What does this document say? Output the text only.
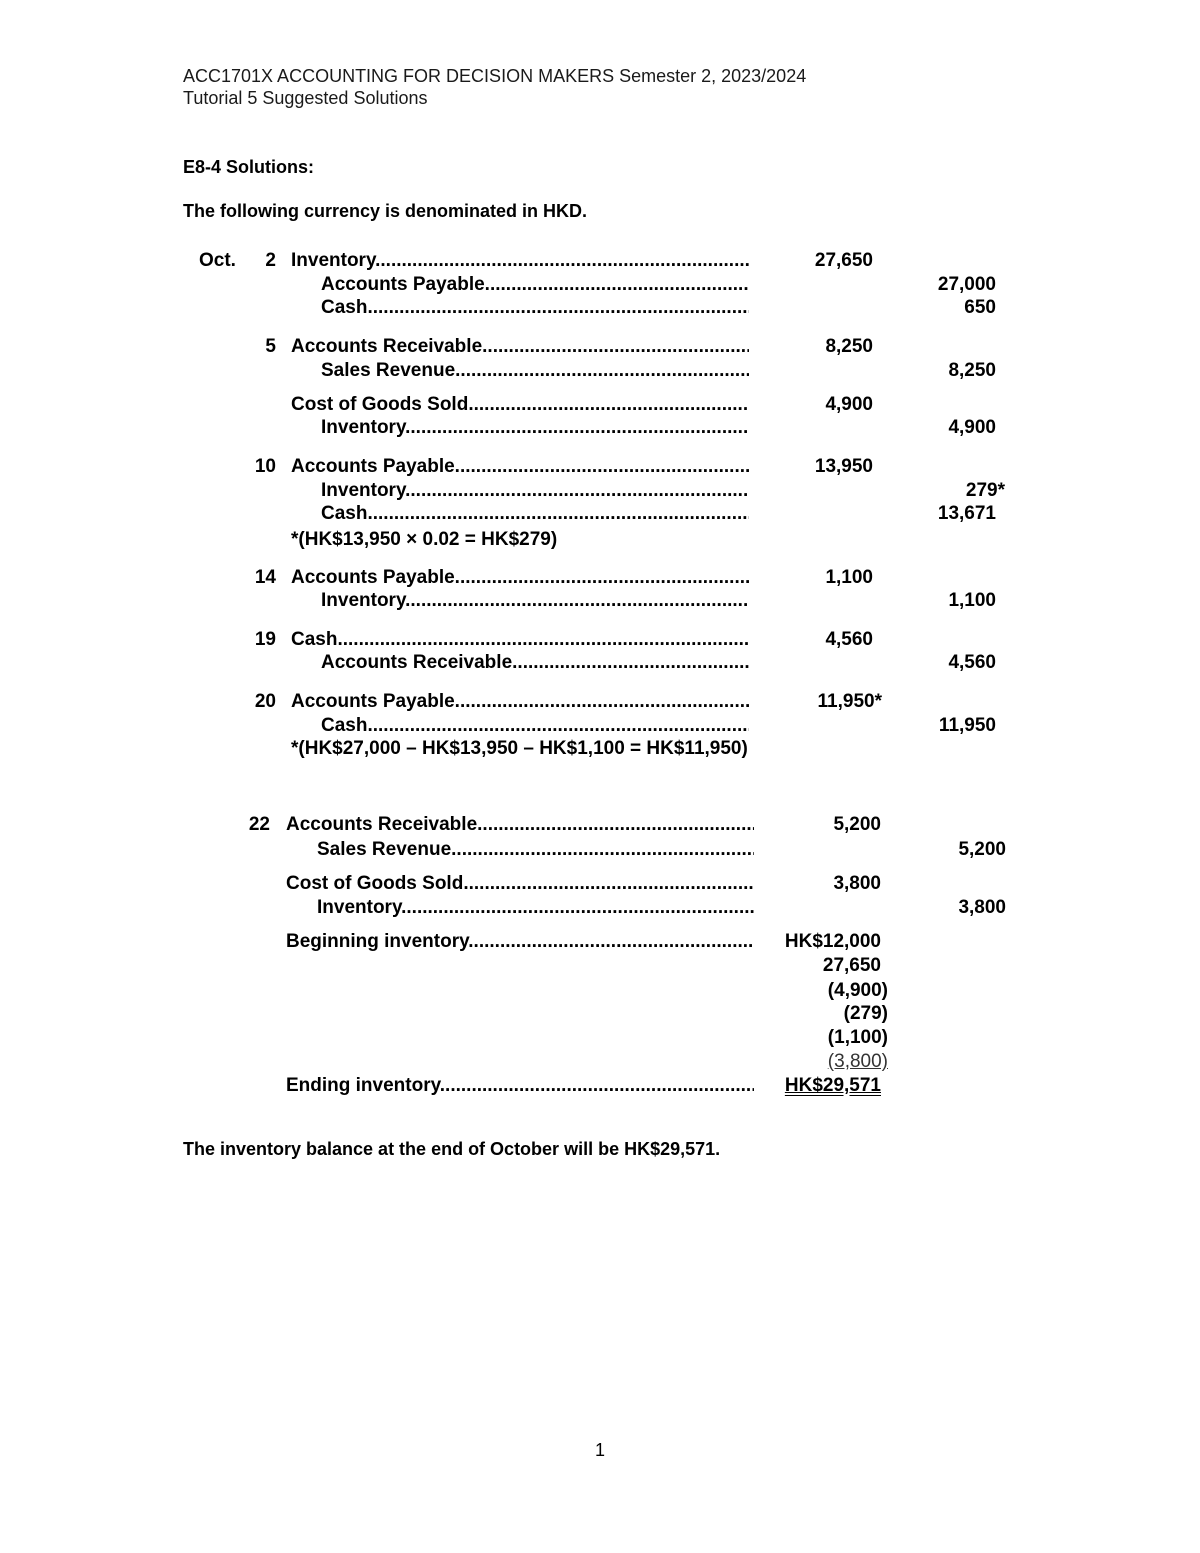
ACC1701X ACCOUNTING FOR DECISION MAKERS Semester 2, 2023/2024
Tutorial 5 Suggested Solutions
E8-4 Solutions:
The following currency is denominated in HKD.
Oct.	2 Inventory .....	27,650
Accounts Payable .....	27,000
Cash .....	650
5 Accounts Receivable .....	8,250
Sales Revenue .....	8,250
Cost of Goods Sold .....	4,900
Inventory .....	4,900
10 Accounts Payable .....	13,950
Inventory .....	279*
Cash .....	13,671
*(HK$13,950 × 0.02 = HK$279)
14 Accounts Payable .....	1,100
Inventory .....	1,100
19 Cash .....	4,560
Accounts Receivable .....	4,560
20 Accounts Payable .....	11,950*
Cash .....	11,950
*(HK$27,000 – HK$13,950 – HK$1,100 = HK$11,950)
22 Accounts Receivable .....	5,200
Sales Revenue .....	5,200
Cost of Goods Sold .....	3,800
Inventory .....	3,800
Beginning inventory .....	HK$12,000
27,650
(4,900)
(279)
(1,100)
(3,800)
Ending inventory .....	HK$29,571
The inventory balance at the end of October will be HK$29,571.
1
